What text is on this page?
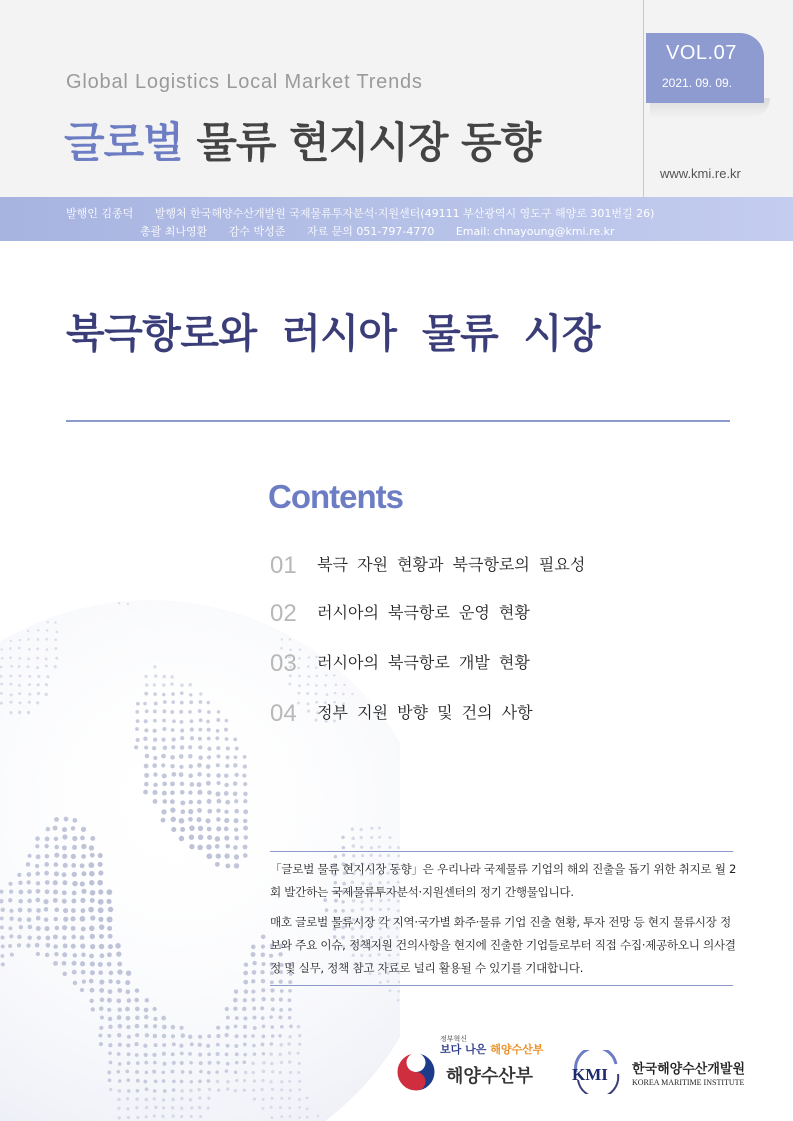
VOL.07
2021. 09. 09.
Global Logistics Local Market Trends
글로벌 물류 현지시장 동향
www.kmi.re.kr
발행인 김종덕 발행처 한국해양수산개발원 국제물류투자분석·지원센터(49111 부산광역시 영도구 해양로 301번길 26)
총괄 최나영환 감수 박성준 자료 문의 051-797-4770 Email: chnayoung@kmi.re.kr
북극항로와 러시아 물류 시장
Contents
01 북극 자원 현황과 북극항로의 필요성
02 러시아의 북극항로 운영 현황
03 러시아의 북극항로 개발 현황
04 정부 지원 방향 및 건의 사항
「글로벌 물류 현지시장 동향」은 우리나라 국제물류 기업의 해외 진출을 돕기 위한 취지로 월 2회 발간하는 국제물류투자분석·지원센터의 정기 간행물입니다.
매호 글로벌 물류시장 각 지역·국가별 화주·물류 기업 진출 현황, 투자 전망 등 현지 물류시장 정보와 주요 이슈, 정책지원 건의사항을 현지에 진출한 기업들로부터 직접 수집·제공하오니 의사결정 및 실무, 정책 참고 자료로 널리 활용될 수 있기를 기대합니다.
정부혁신
보다 나은 해양수산부
해양수산부 KMI 한국해양수산개발원
KOREA MARITIME INSTITUTE
